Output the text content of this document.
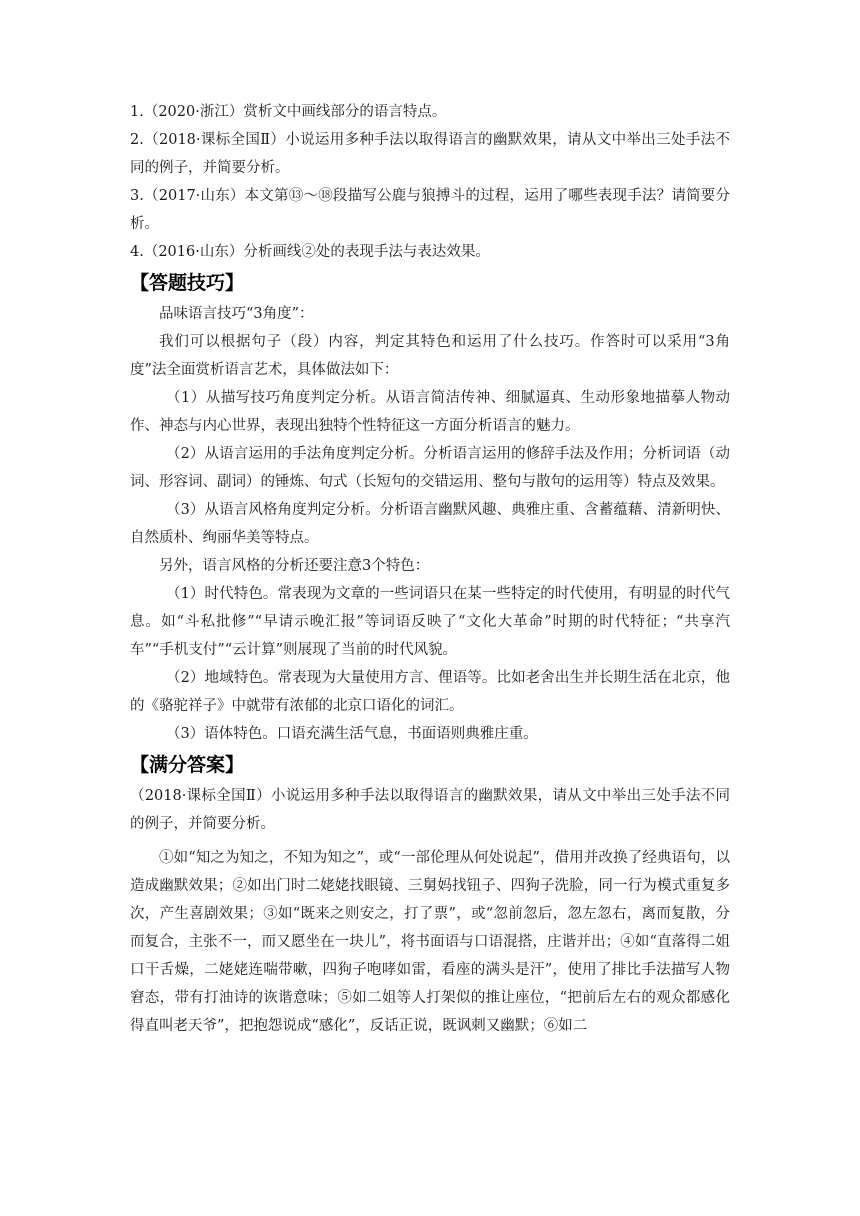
1.（2020·浙江）赏析文中画线部分的语言特点。

2.（2018·课标全国Ⅱ）小说运用多种手法以取得语言的幽默效果，请从文中举出三处手法不同的例子，并简要分析。

3.（2017·山东）本文第⑬～⑱段描写公鹿与狼搏斗的过程，运用了哪些表现手法？请简要分析。

4.（2016·山东）分析画线②处的表现手法与表达效果。

【答题技巧】

品味语言技巧“3角度”：

我们可以根据句子（段）内容，判定其特色和运用了什么技巧。作答时可以采用“3角度”法全面赏析语言艺术，具体做法如下：

（1）从描写技巧角度判定分析。从语言简洁传神、细腻逼真、生动形象地描摹人物动作、神态与内心世界，表现出独特个性特征这一方面分析语言的魅力。

（2）从语言运用的手法角度判定分析。分析语言运用的修辞手法及作用；分析词语（动词、形容词、副词）的锤炼、句式（长短句的交错运用、整句与散句的运用等）特点及效果。

（3）从语言风格角度判定分析。分析语言幽默风趣、典雅庄重、含蓄蕴藉、清新明快、自然质朴、绚丽华美等特点。

另外，语言风格的分析还要注意3个特色：

（1）时代特色。常表现为文章的一些词语只在某一些特定的时代使用，有明显的时代气息。如“斗私批修”“早请示晚汇报”等词语反映了“文化大革命”时期的时代特征；“共享汽车”“手机支付”“云计算”则展现了当前的时代风貌。

（2）地域特色。常表现为大量使用方言、俚语等。比如老舍出生并长期生活在北京，他的《骆驼祥子》中就带有浓郁的北京口语化的词汇。

（3）语体特色。口语充满生活气息，书面语则典雅庄重。

【满分答案】

（2018·课标全国Ⅱ）小说运用多种手法以取得语言的幽默效果，请从文中举出三处手法不同的例子，并简要分析。

①如“知之为知之，不知为知之”，或“一部伦理从何处说起”，借用并改换了经典语句，以造成幽默效果；②如出门时二姥姥找眼镜、三舅妈找钮子、四狗子洗脸，同一行为模式重复多次，产生喜剧效果；③如“既来之则安之，打了票”，或“忽前忽后，忽左忽右，离而复散，分而复合，主张不一，而又愿坐在一块儿”，将书面语与口语混搭，庄谐并出；④如“直落得二姐口干舌燥，二姥姥连喘带嗽，四狗子咆哮如雷，看座的满头是汗”，使用了排比手法描写人物窘态，带有打油诗的诙谐意味；⑤如二姐等人打架似的推让座位，“把前后左右的观众都感化得直叫老天爷”，把抱怨说成“感化”，反话正说，既讽刺又幽默；⑥如二
